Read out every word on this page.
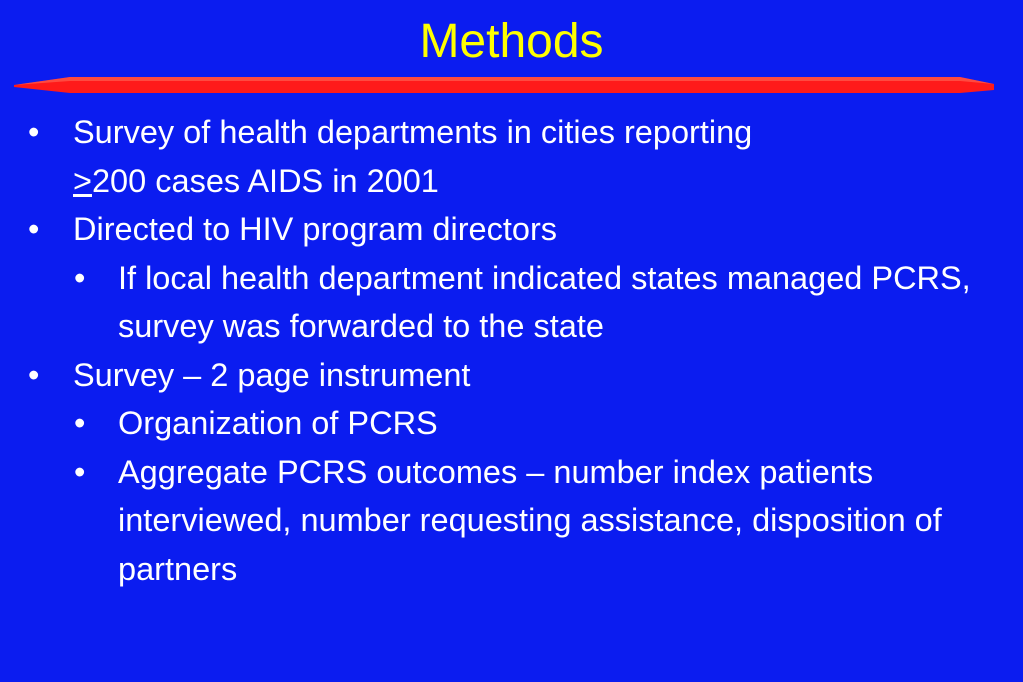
Methods
• Survey of health departments in cities reporting
≥200 cases AIDS in 2001
• Directed to HIV program directors
• If local health department indicated states managed PCRS, survey was forwarded to the state
• Survey – 2 page instrument
• Organization of PCRS
• Aggregate PCRS outcomes – number index patients interviewed, number requesting assistance, disposition of partners
